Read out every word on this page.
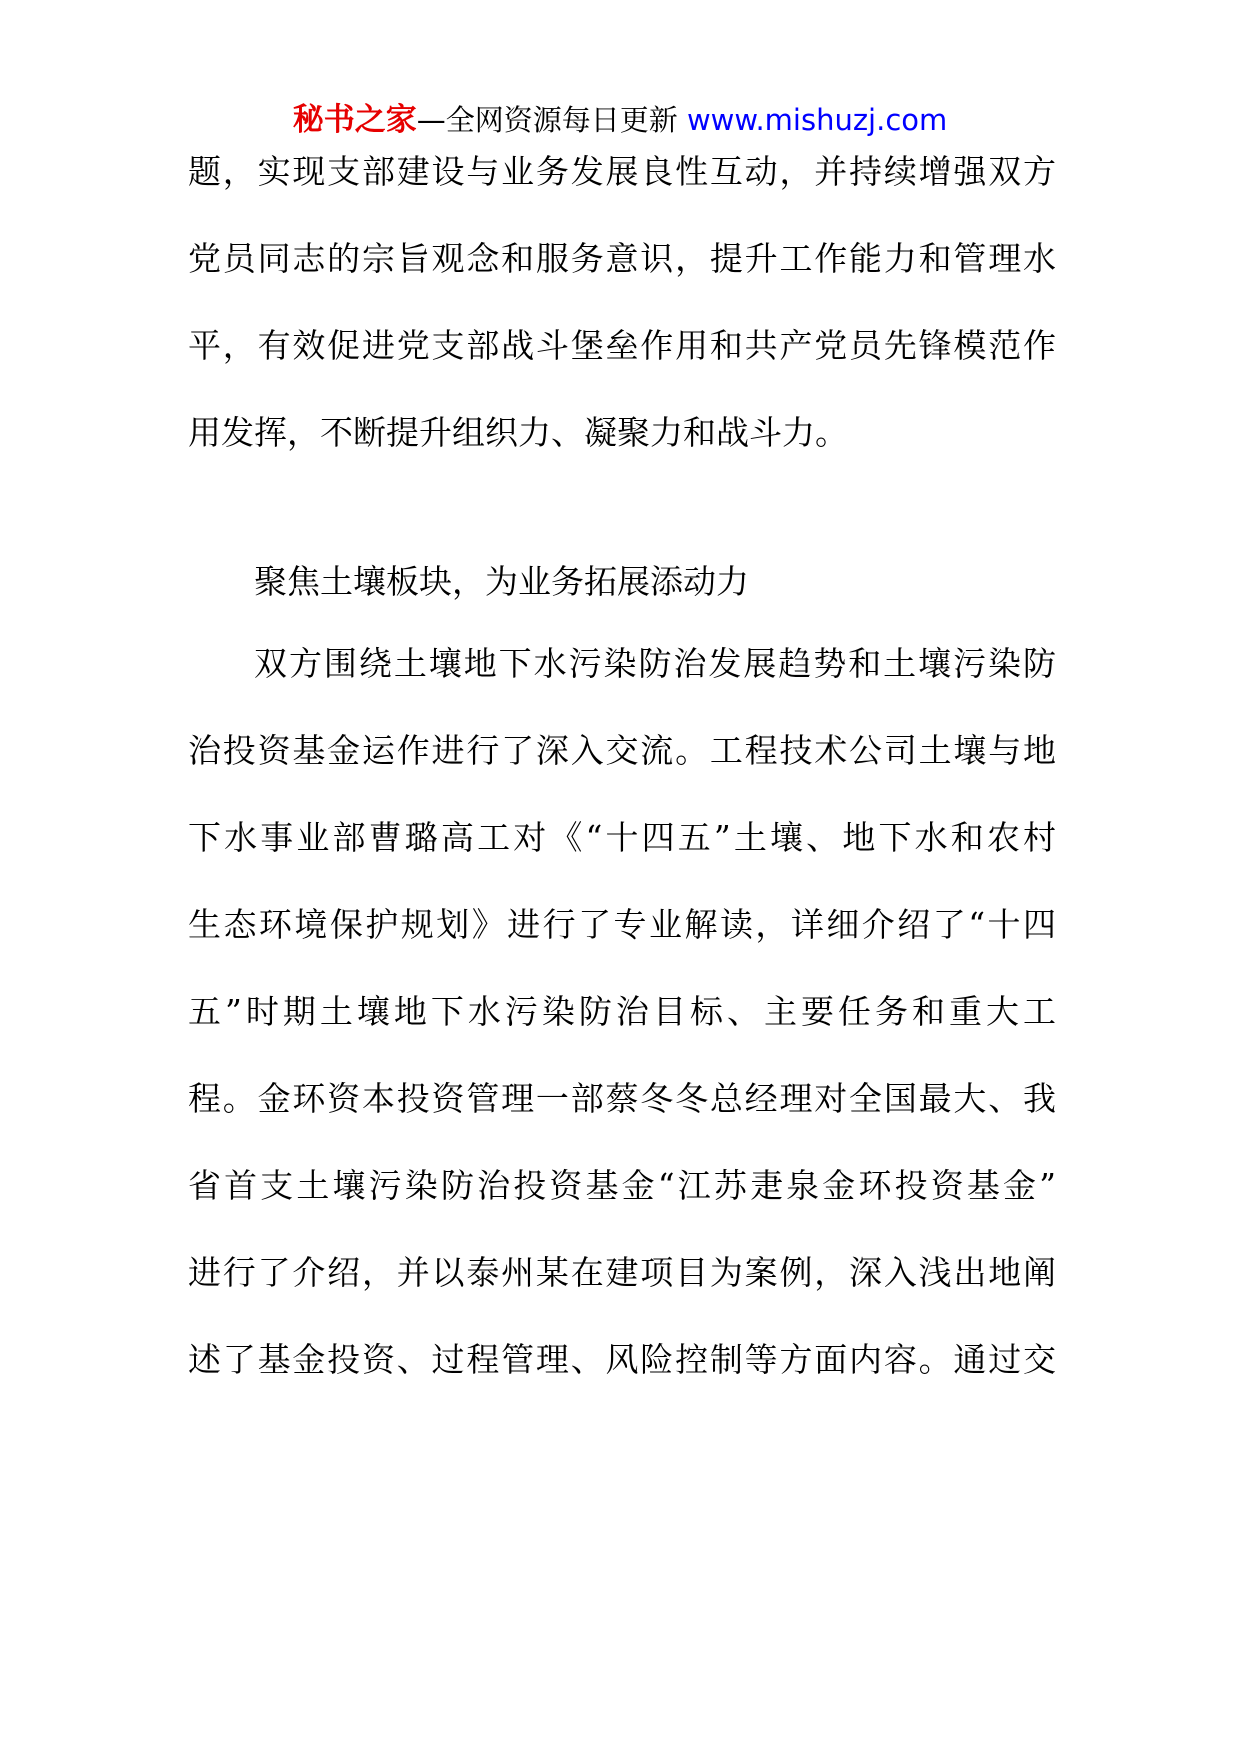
秘书之家—全网资源每日更新 www.mishuzj.com
题，实现支部建设与业务发展良性互动，并持续增强双方
党员同志的宗旨观念和服务意识，提升工作能力和管理水
平，有效促进党支部战斗堡垒作用和共产党员先锋模范作
用发挥，不断提升组织力、凝聚力和战斗力。
聚焦土壤板块，为业务拓展添动力
双方围绕土壤地下水污染防治发展趋势和土壤污染防
治投资基金运作进行了深入交流。工程技术公司土壤与地
下水事业部曹璐高工对《“十四五”土壤、地下水和农村
生态环境保护规划》进行了专业解读，详细介绍了“十四
五”时期土壤地下水污染防治目标、主要任务和重大工
程。金环资本投资管理一部蔡冬冬总经理对全国最大、我
省首支土壤污染防治投资基金“江苏疌泉金环投资基金”
进行了介绍，并以泰州某在建项目为案例，深入浅出地阐
述了基金投资、过程管理、风险控制等方面内容。通过交
